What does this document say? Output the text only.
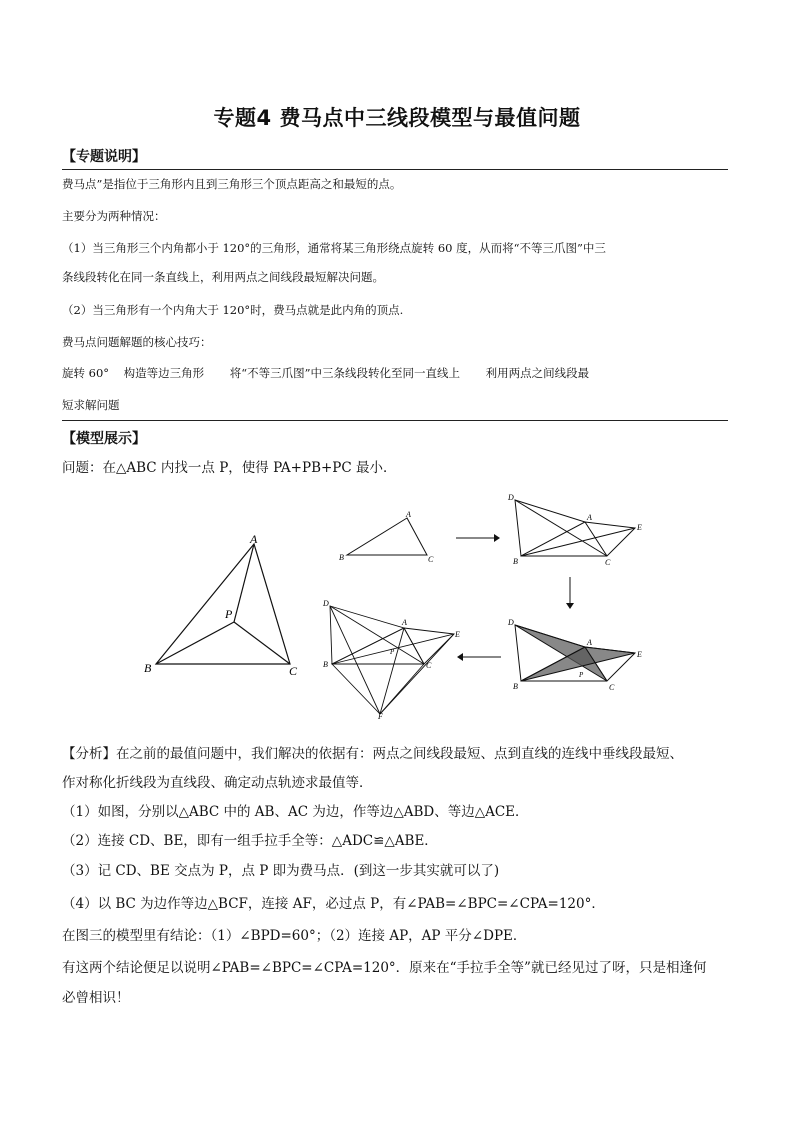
专题4 费马点中三线段模型与最值问题
【专题说明】
费马点”是指位于三角形内且到三角形三个顶点距高之和最短的点。
主要分为两种情况：
（1）当三角形三个内角都小于 120°的三角形，通常将某三角形绕点旋转 60 度，从而将“不等三爪图”中三
条线段转化在同一条直线上，利用两点之间线段最短解决问题。
（2）当三角形有一个内角大于 120°时，费马点就是此内角的顶点.
费马点问题解题的核心技巧：
旋转 60°    构造等边三角形       将“不等三爪图”中三条线段转化至同一直线上       利用两点之间线段最
短求解问题
【模型展示】
问题：在△ABC 内找一点 P，使得 PA+PB+PC 最小．
A
B	C
P
A
B	C
D
A
E
B	C
D
A
E
B	C
P
D
A
E
B	C
P
F
【分析】在之前的最值问题中，我们解决的依据有：两点之间线段最短、点到直线的连线中垂线段最短、
作对称化折线段为直线段、确定动点轨迹求最值等．
（1）如图，分别以△ABC 中的 AB、AC 为边，作等边△ABD、等边△ACE．
（2）连接 CD、BE，即有一组手拉手全等：△ADC≌△ABE．
（3）记 CD、BE 交点为 P，点 P 即为费马点．(到这一步其实就可以了)
（4）以 BC 为边作等边△BCF，连接 AF，必过点 P，有∠PAB=∠BPC=∠CPA=120°．
在图三的模型里有结论：（1）∠BPD=60°；（2）连接 AP，AP 平分∠DPE．
有这两个结论便足以说明∠PAB=∠BPC=∠CPA=120°．原来在“手拉手全等”就已经见过了呀，只是相逢何
必曾相识！
